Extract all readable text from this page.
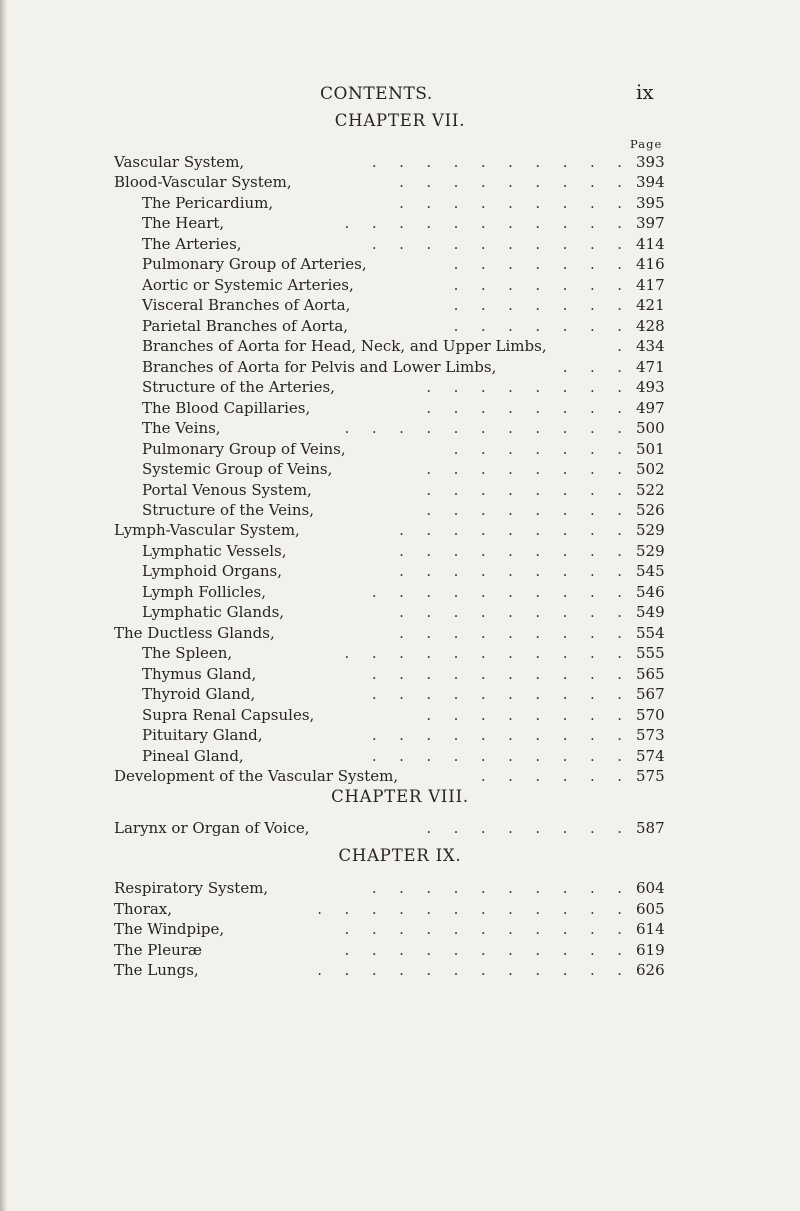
CONTENTS.	ix
Page
CHAPTER VII.
Vascular System,	.  .  .  .  .  .  .  .  .  . 393
Blood-Vascular System,	.  .  .  .  .  .  .  .  . 394
The Pericardium,	.  .  .  .  .  .  .  .  . 395
The Heart,	.  .  .  .  .  .  .  .  .  .  . 397
The Arteries,	.  .  .  .  .  .  .  .  .  . 414
Pulmonary Group of Arteries,	.  .  .  .  .  .  . 416
Aortic or Systemic Arteries,	.  .  .  .  .  .  . 417
Visceral Branches of Aorta,	.  .  .  .  .  .  . 421
Parietal Branches of Aorta,	.  .  .  .  .  .  . 428
Branches of Aorta for Head, Neck, and Upper Limbs,	. 434
Branches of Aorta for Pelvis and Lower Limbs,	.  .  . 471
Structure of the Arteries,	.  .  .  .  .  .  .  . 493
The Blood Capillaries,	.  .  .  .  .  .  .  . 497
The Veins,	.  .  .  .  .  .  .  .  .  .  . 500
Pulmonary Group of Veins,	.  .  .  .  .  .  . 501
Systemic Group of Veins,	.  .  .  .  .  .  .  . 502
Portal Venous System,	.  .  .  .  .  .  .  . 522
Structure of the Veins,	.  .  .  .  .  .  .  . 526
Lymph-Vascular System,	.  .  .  .  .  .  .  .  . 529
Lymphatic Vessels,	.  .  .  .  .  .  .  .  . 529
Lymphoid Organs,	.  .  .  .  .  .  .  .  . 545
Lymph Follicles,	.  .  .  .  .  .  .  .  .  . 546
Lymphatic Glands,	.  .  .  .  .  .  .  .  . 549
The Ductless Glands,	.  .  .  .  .  .  .  .  . 554
The Spleen,	.  .  .  .  .  .  .  .  .  .  . 555
Thymus Gland,	.  .  .  .  .  .  .  .  .  . 565
Thyroid Gland,	.  .  .  .  .  .  .  .  .  . 567
Supra Renal Capsules,	.  .  .  .  .  .  .  . 570
Pituitary Gland,	.  .  .  .  .  .  .  .  .  . 573
Pineal Gland,	.  .  .  .  .  .  .  .  .  . 574
Development of the Vascular System,	.  .  .  .  .  . 575
CHAPTER VIII.
Larynx or Organ of Voice,	.  .  .  .  .  .  .  . 587
CHAPTER IX.
Respiratory System,	.  .  .  .  .  .  .  .  .  . 604
Thorax,	.  .  .  .  .  .  .  .  .  .  .  . 605
The Windpipe,	.  .  .  .  .  .  .  .  .  .  . 614
The Pleuræ	.  .  .  .  .  .  .  .  .  .  . 619
The Lungs,	.  .  .  .  .  .  .  .  .  .  .  . 626
